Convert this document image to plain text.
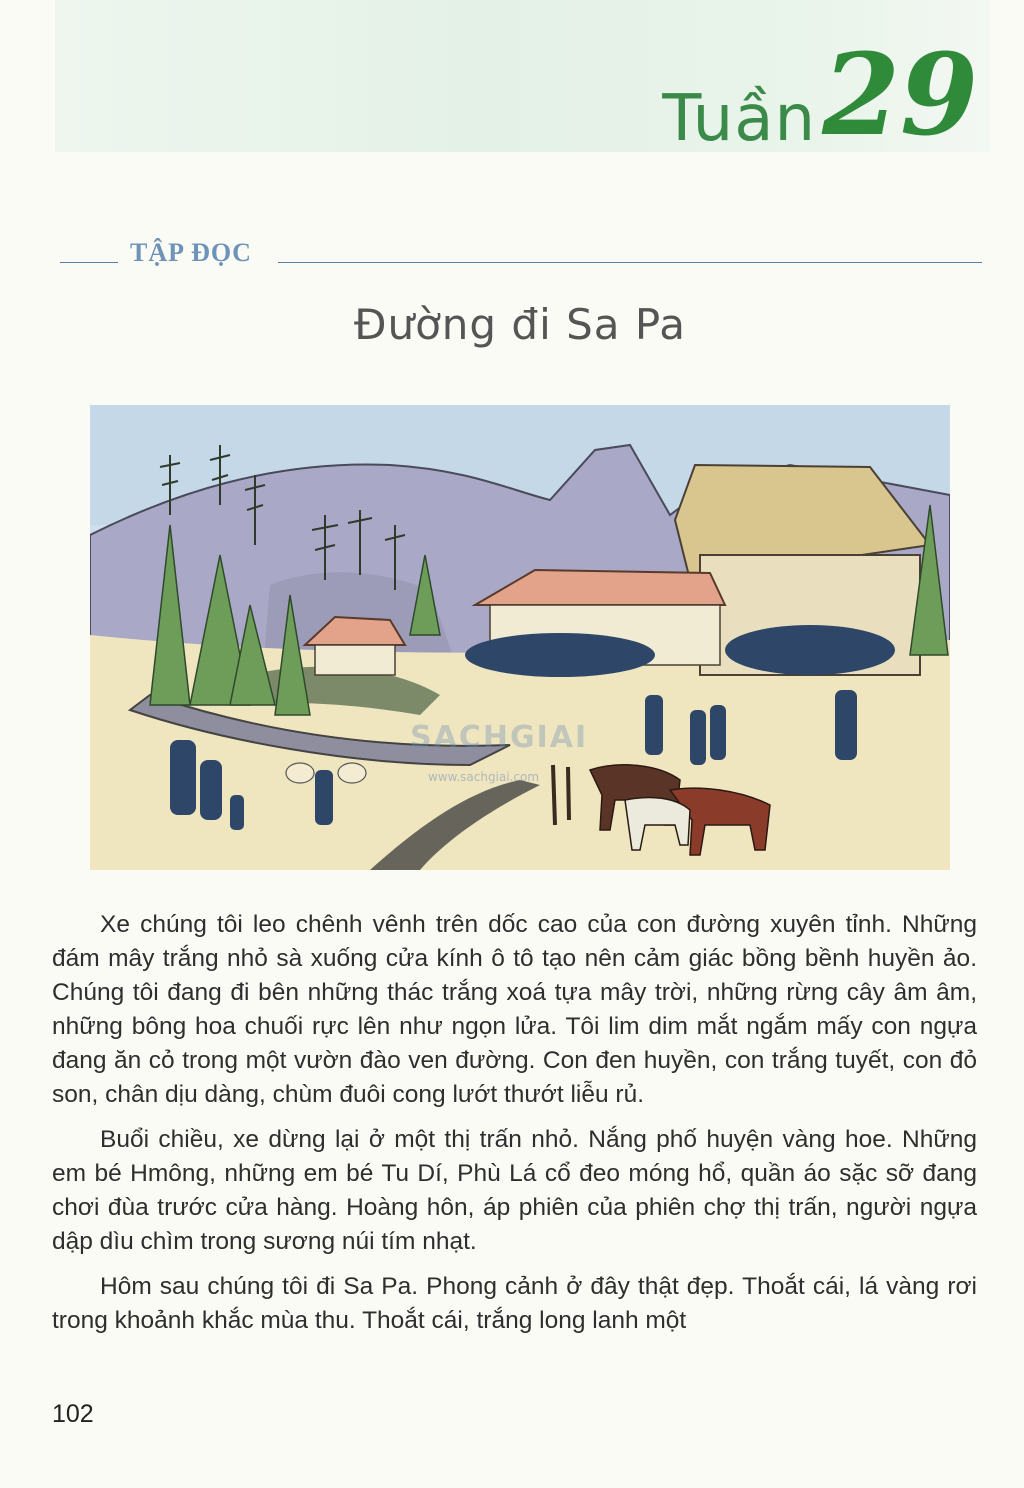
Tuần 29
TẬP ĐỌC
Đường đi Sa Pa
SACHGIAI
www.sachgiai.com

Xe chúng tôi leo chênh vênh trên dốc cao của con đường xuyên tỉnh. Những đám mây trắng nhỏ sà xuống cửa kính ô tô tạo nên cảm giác bồng bềnh huyền ảo. Chúng tôi đang đi bên những thác trắng xoá tựa mây trời, những rừng cây âm âm, những bông hoa chuối rực lên như ngọn lửa. Tôi lim dim mắt ngắm mấy con ngựa đang ăn cỏ trong một vườn đào ven đường. Con đen huyền, con trắng tuyết, con đỏ son, chân dịu dàng, chùm đuôi cong lướt thướt liễu rủ.

Buổi chiều, xe dừng lại ở một thị trấn nhỏ. Nắng phố huyện vàng hoe. Những em bé Hmông, những em bé Tu Dí, Phù Lá cổ đeo móng hổ, quần áo sặc sỡ đang chơi đùa trước cửa hàng. Hoàng hôn, áp phiên của phiên chợ thị trấn, người ngựa dập dìu chìm trong sương núi tím nhạt.

Hôm sau chúng tôi đi Sa Pa. Phong cảnh ở đây thật đẹp. Thoắt cái, lá vàng rơi trong khoảnh khắc mùa thu. Thoắt cái, trắng long lanh một

102
